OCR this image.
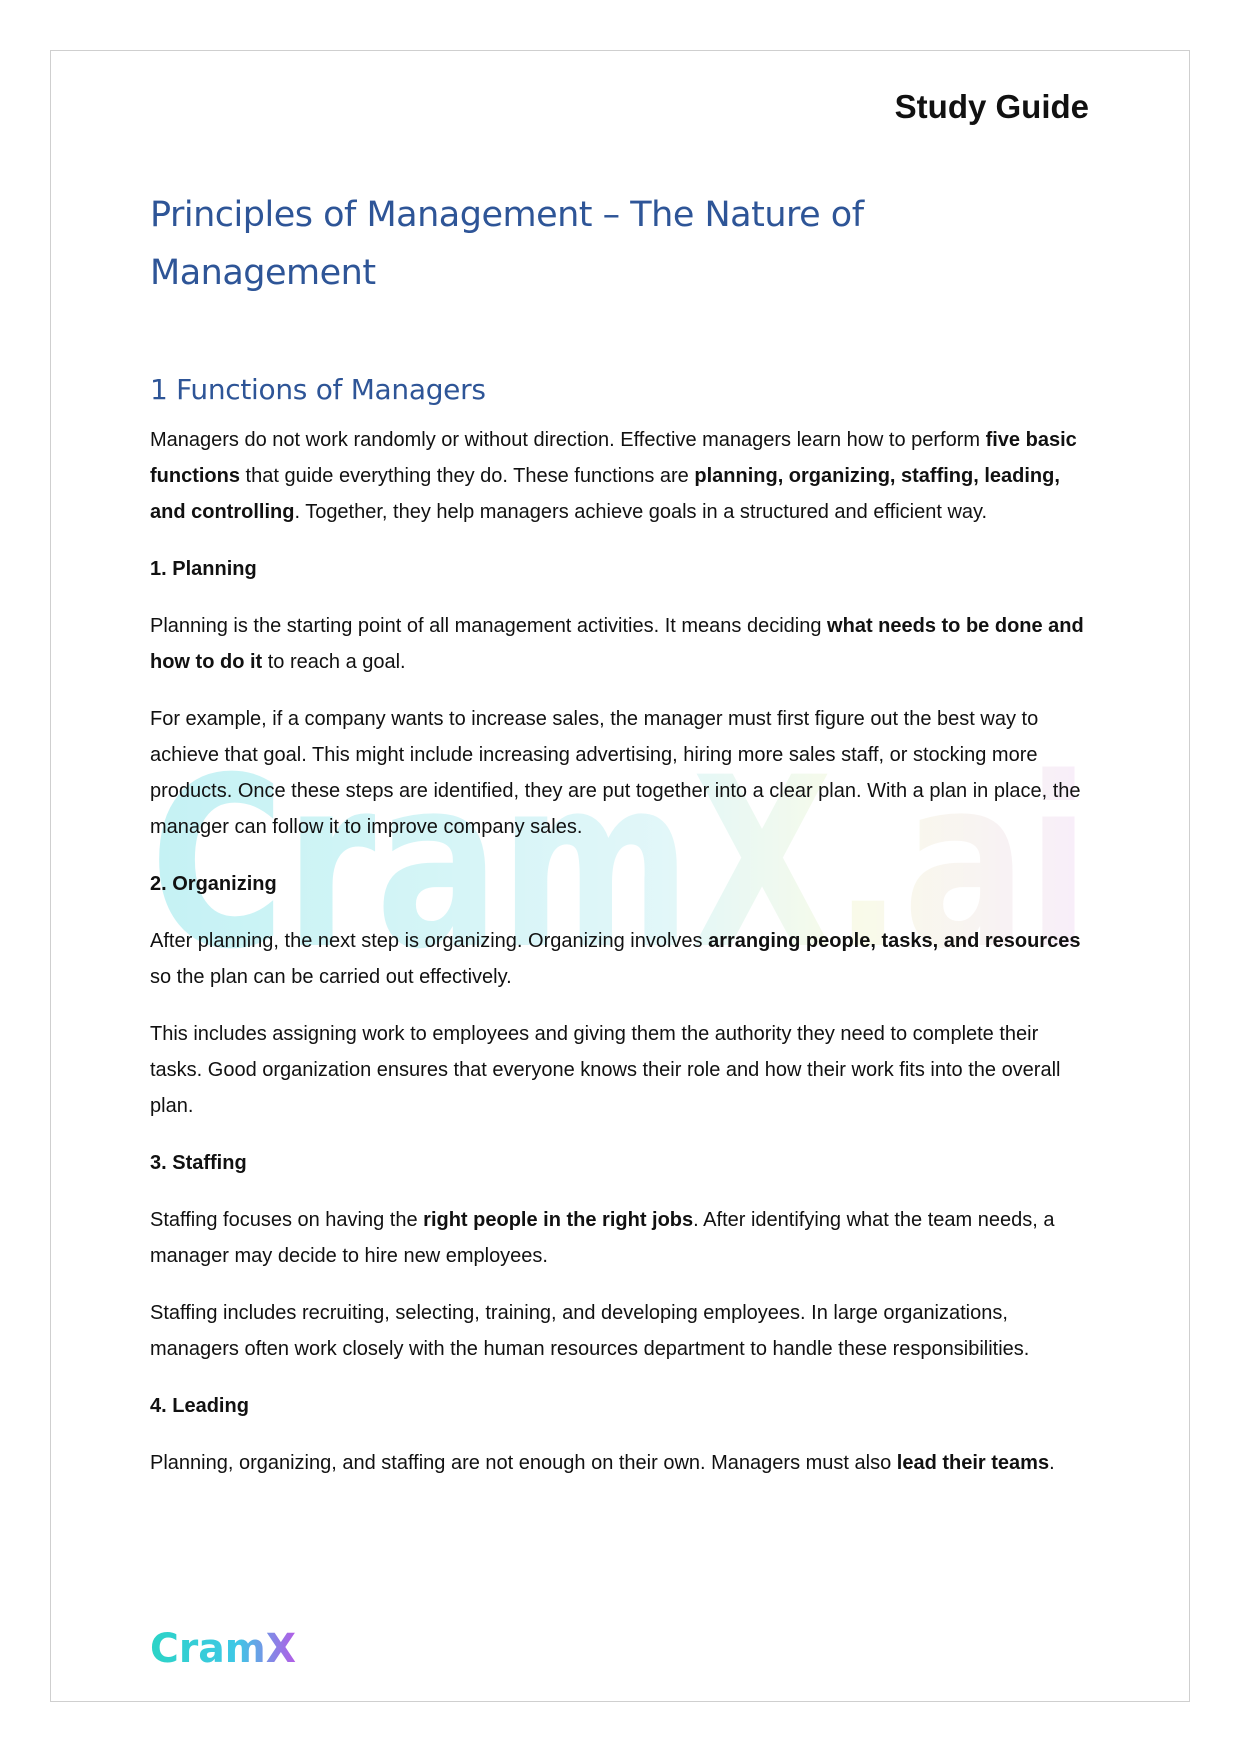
Study Guide
Principles of Management – The Nature of Management
CramX.ai
1 Functions of Managers

Managers do not work randomly or without direction. Effective managers learn how to perform five basic functions that guide everything they do. These functions are planning, organizing, staffing, leading, and controlling. Together, they help managers achieve goals in a structured and efficient way.

1. Planning

Planning is the starting point of all management activities. It means deciding what needs to be done and how to do it to reach a goal.

For example, if a company wants to increase sales, the manager must first figure out the best way to achieve that goal. This might include increasing advertising, hiring more sales staff, or stocking more products. Once these steps are identified, they are put together into a clear plan. With a plan in place, the manager can follow it to improve company sales.

2. Organizing

After planning, the next step is organizing. Organizing involves arranging people, tasks, and resources so the plan can be carried out effectively.

This includes assigning work to employees and giving them the authority they need to complete their tasks. Good organization ensures that everyone knows their role and how their work fits into the overall plan.

3. Staffing

Staffing focuses on having the right people in the right jobs. After identifying what the team needs, a manager may decide to hire new employees.

Staffing includes recruiting, selecting, training, and developing employees. In large organizations, managers often work closely with the human resources department to handle these responsibilities.

4. Leading

Planning, organizing, and staffing are not enough on their own. Managers must also lead their teams.

CramX
